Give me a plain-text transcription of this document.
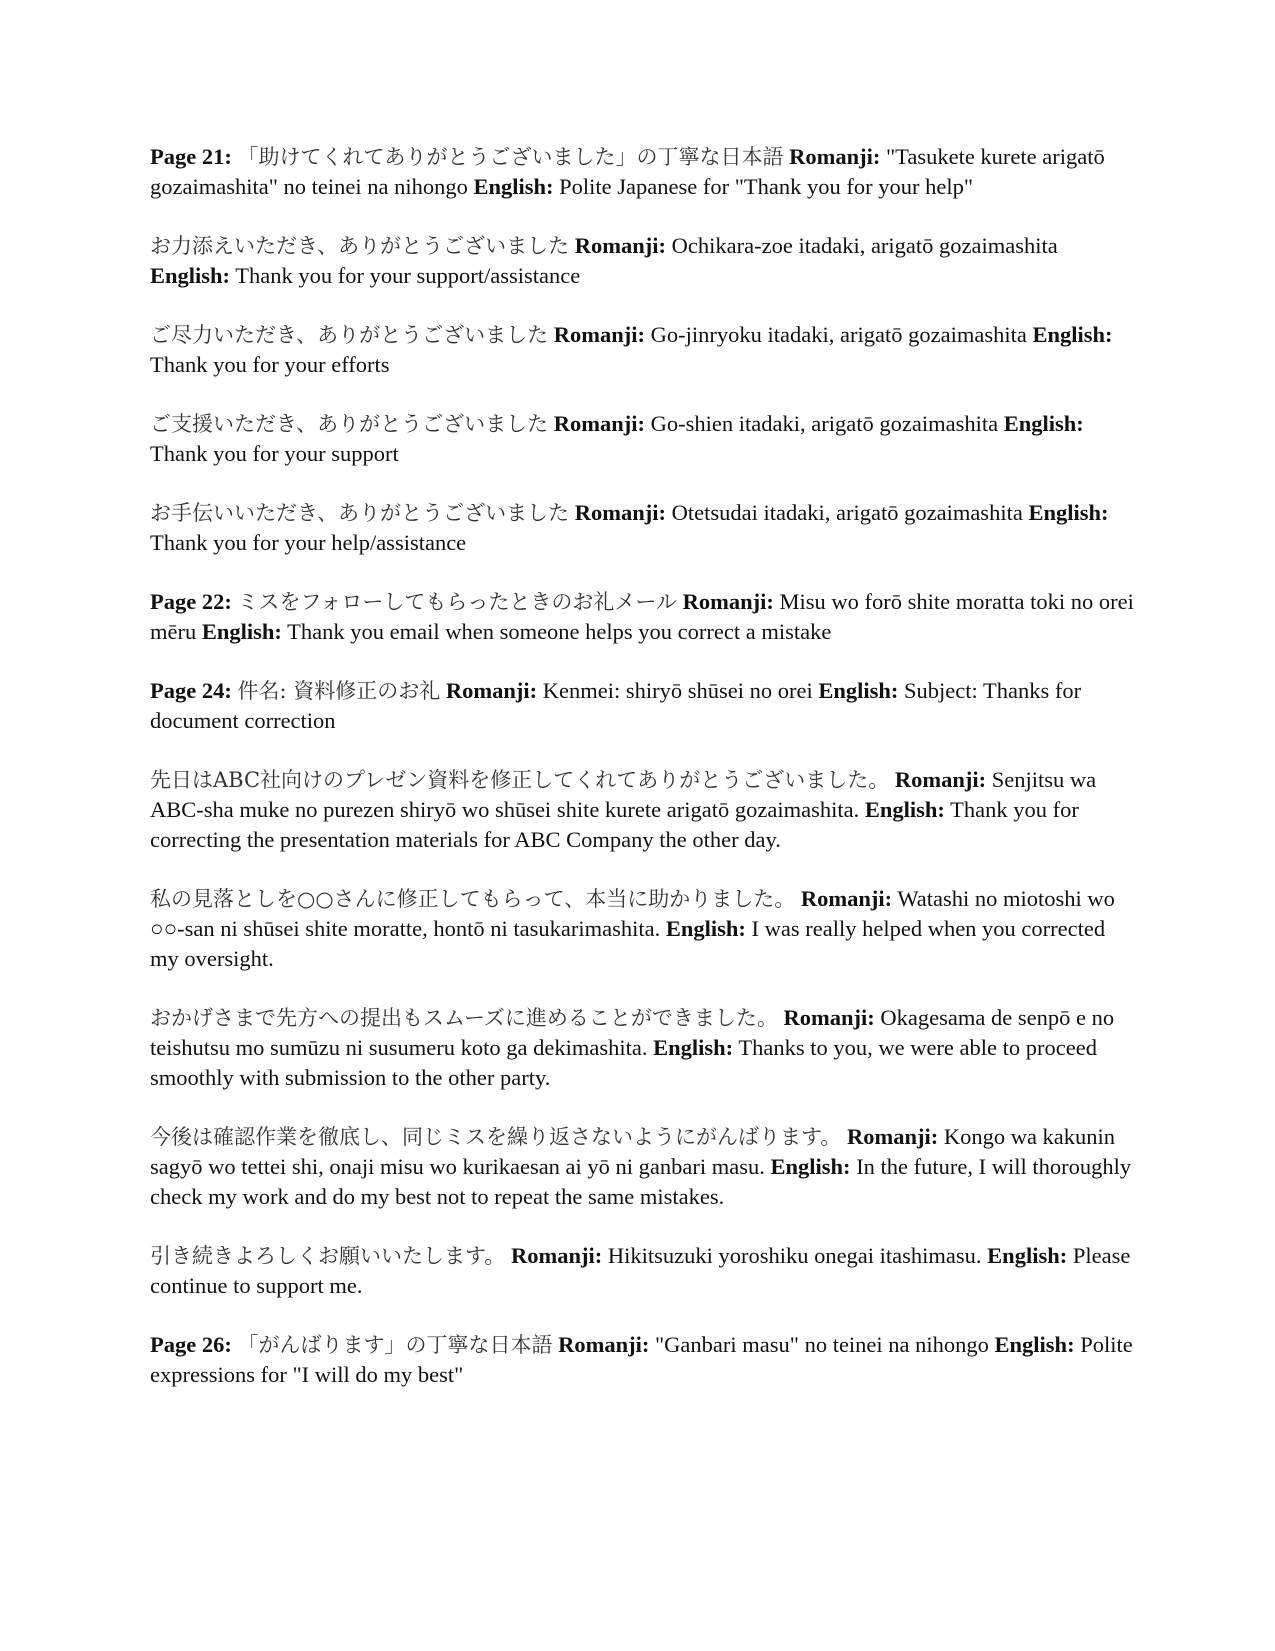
Page 21: 「助けてくれてありがとうございました」の丁寧な日本語 Romanji: "Tasukete kurete arigatō gozaimashita" no teinei na nihongo English: Polite Japanese for "Thank you for your help"

お力添えいただき、ありがとうございました Romanji: Ochikara-zoe itadaki, arigatō gozaimashita English: Thank you for your support/assistance

ご尽力いただき、ありがとうございました Romanji: Go-jinryoku itadaki, arigatō gozaimashita English: Thank you for your efforts

ご支援いただき、ありがとうございました Romanji: Go-shien itadaki, arigatō gozaimashita English: Thank you for your support

お手伝いいただき、ありがとうございました Romanji: Otetsudai itadaki, arigatō gozaimashita English: Thank you for your help/assistance

Page 22: ミスをフォローしてもらったときのお礼メール Romanji: Misu wo forō shite moratta toki no orei mēru English: Thank you email when someone helps you correct a mistake

Page 24: 件名: 資料修正のお礼 Romanji: Kenmei: shiryō shūsei no orei English: Subject: Thanks for document correction

先日はABC社向けのプレゼン資料を修正してくれてありがとうございました。 Romanji: Senjitsu wa ABC-sha muke no purezen shiryō wo shūsei shite kurete arigatō gozaimashita. English: Thank you for correcting the presentation materials for ABC Company the other day.

私の見落としを○○さんに修正してもらって、本当に助かりました。 Romanji: Watashi no miotoshi wo ○○-san ni shūsei shite moratte, hontō ni tasukarimashita. English: I was really helped when you corrected my oversight.

おかげさまで先方への提出もスムーズに進めることができました。 Romanji: Okagesama de senpō e no teishutsu mo sumūzu ni susumeru koto ga dekimashita. English: Thanks to you, we were able to proceed smoothly with submission to the other party.

今後は確認作業を徹底し、同じミスを繰り返さないようにがんばります。 Romanji: Kongo wa kakunin sagyō wo tettei shi, onaji misu wo kurikaesan ai yō ni ganbari masu. English: In the future, I will thoroughly check my work and do my best not to repeat the same mistakes.

引き続きよろしくお願いいたします。 Romanji: Hikitsuzuki yoroshiku onegai itashimasu. English: Please continue to support me.

Page 26: 「がんばります」の丁寧な日本語 Romanji: "Ganbari masu" no teinei na nihongo English: Polite expressions for "I will do my best"
